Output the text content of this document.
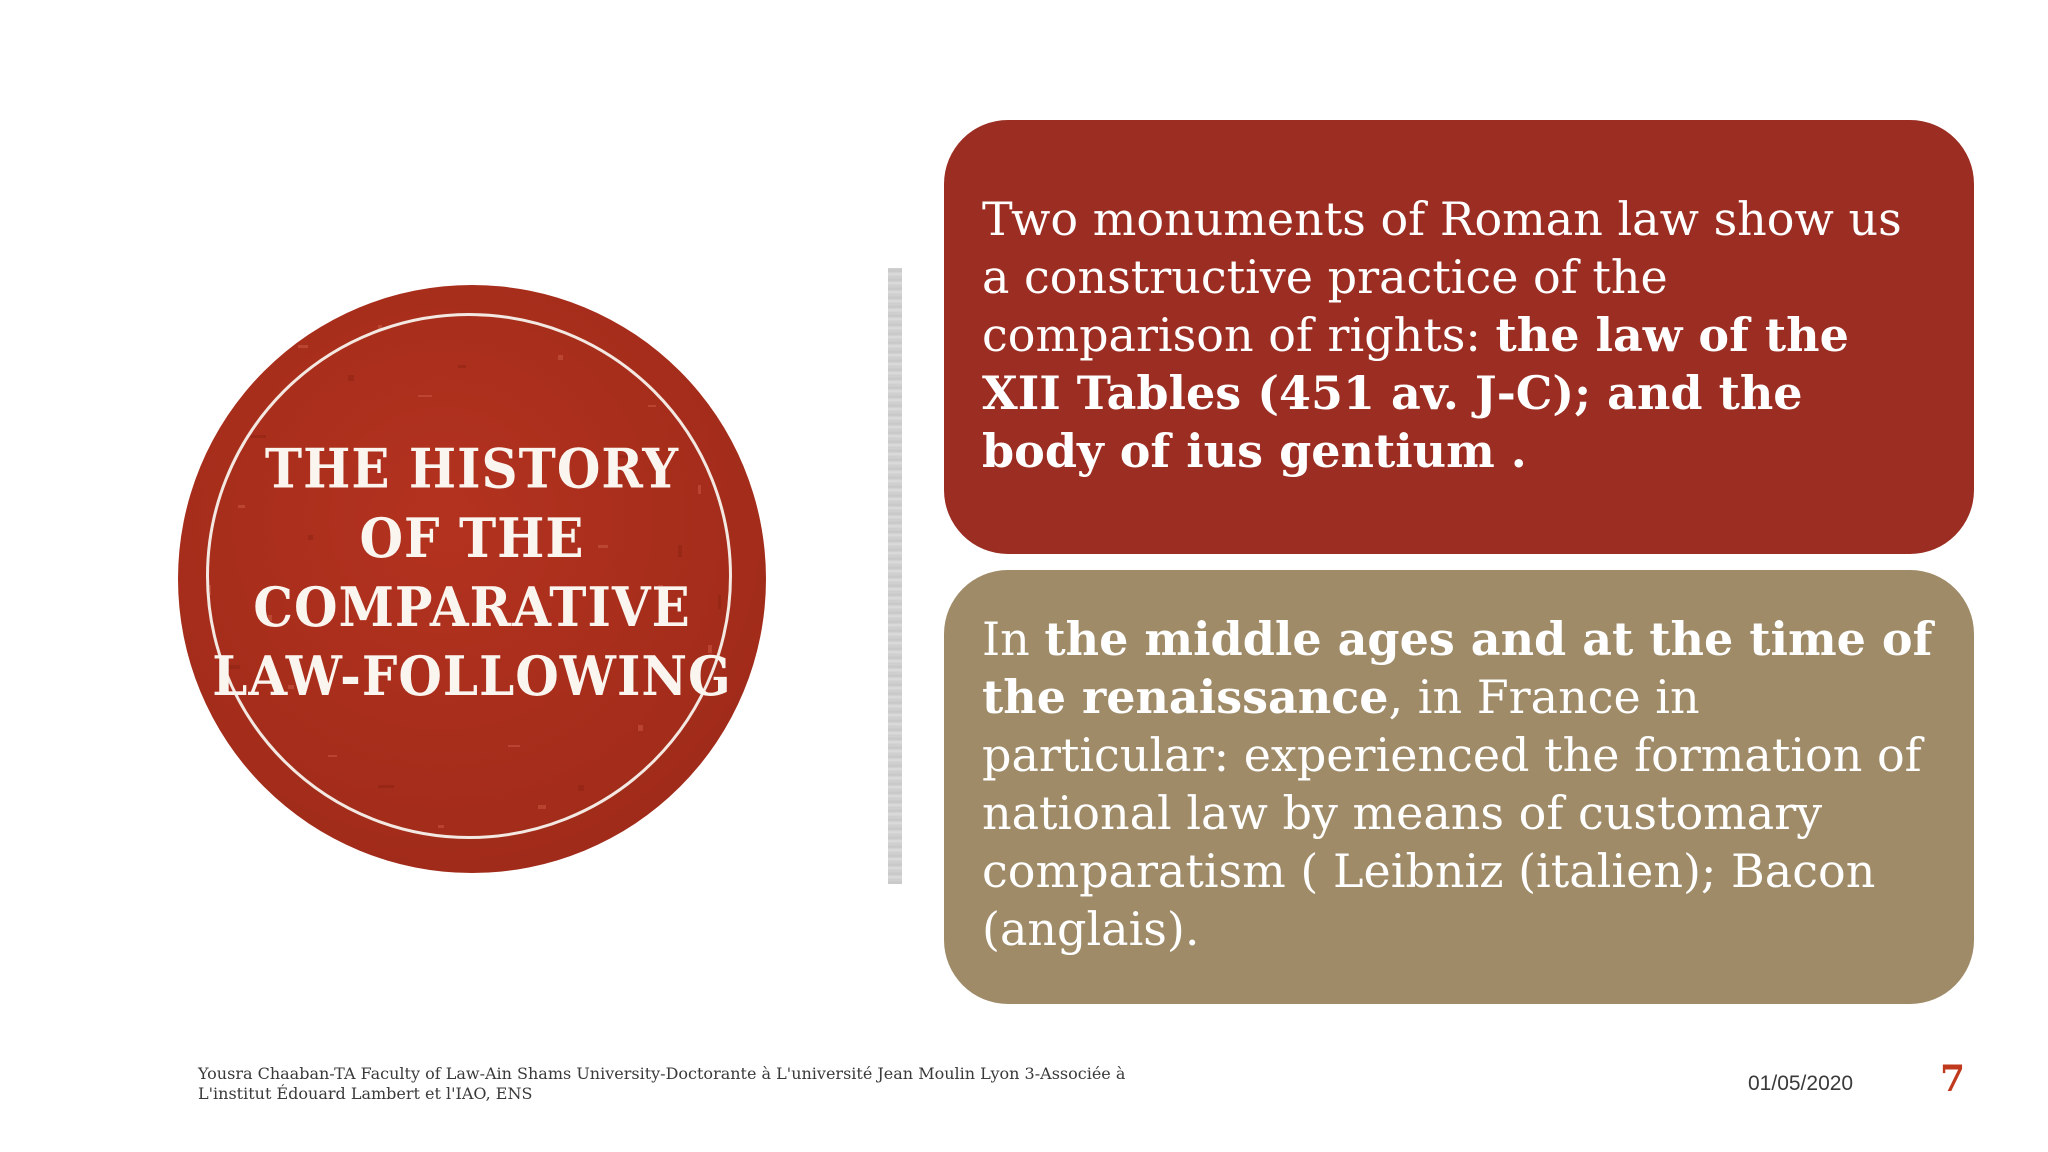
THE HISTORY
OF THE
COMPARATIVE
LAW-FOLLOWING

Two monuments of Roman law show us a constructive practice of the comparison of rights: the law of the XII Tables (451 av. J-C); and the body of ius gentium .

In the middle ages and at the time of the renaissance, in France in particular: experienced the formation of national law by means of customary comparatism ( Leibniz (italien); Bacon (anglais).

Yousra Chaaban-TA Faculty of Law-Ain Shams University-Doctorante à L'université Jean Moulin Lyon 3-Associée à
L'institut Édouard Lambert et l'IAO, ENS	01/05/2020 7
